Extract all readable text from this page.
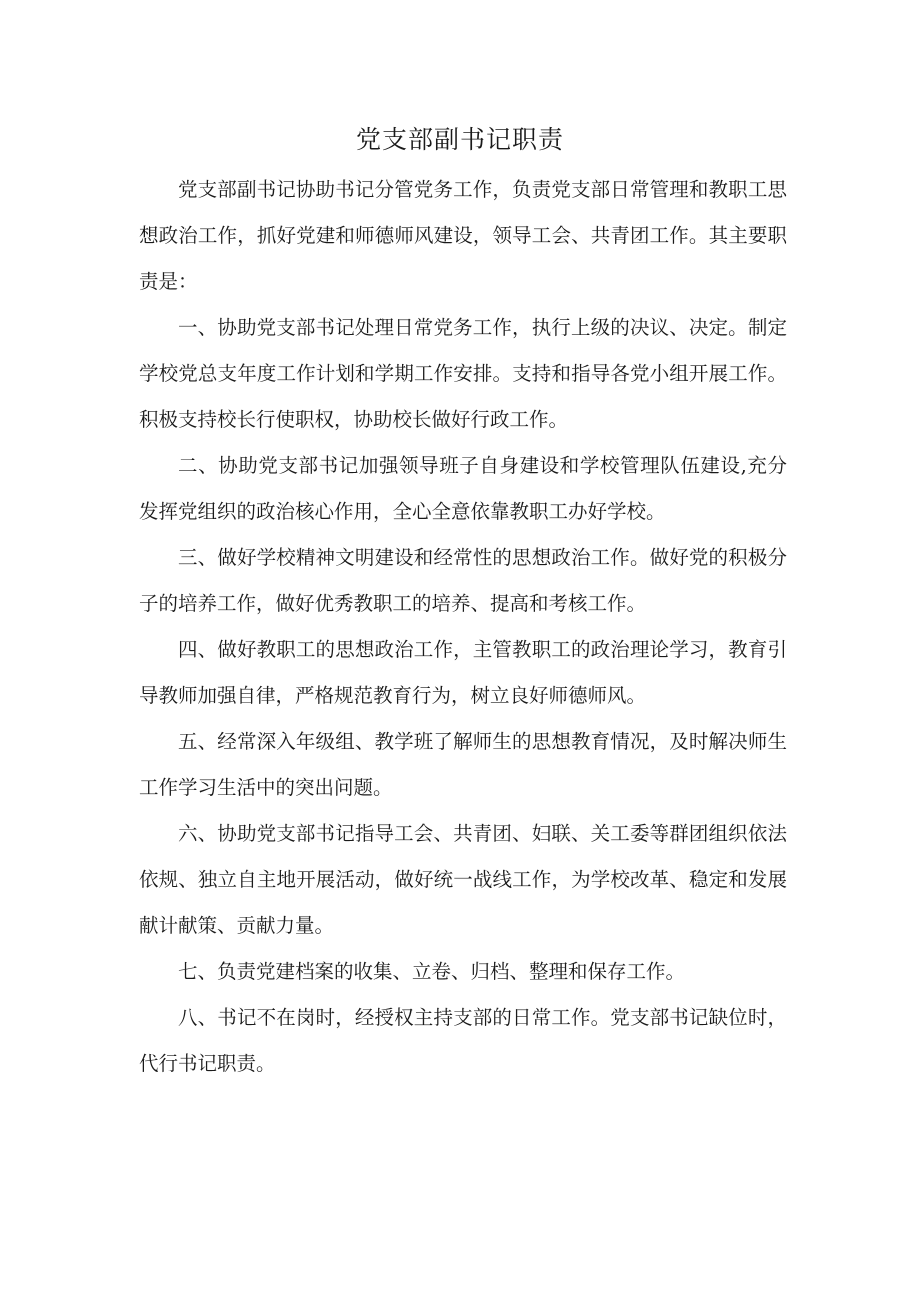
党支部副书记职责

党支部副书记协助书记分管党务工作，负责党支部日常管理和教职工思想政治工作，抓好党建和师德师风建设，领导工会、共青团工作。其主要职责是：

一、协助党支部书记处理日常党务工作，执行上级的决议、决定。制定学校党总支年度工作计划和学期工作安排。支持和指导各党小组开展工作。积极支持校长行使职权，协助校长做好行政工作。

二、协助党支部书记加强领导班子自身建设和学校管理队伍建设,充分发挥党组织的政治核心作用，全心全意依靠教职工办好学校。

三、做好学校精神文明建设和经常性的思想政治工作。做好党的积极分子的培养工作，做好优秀教职工的培养、提高和考核工作。

四、做好教职工的思想政治工作，主管教职工的政治理论学习，教育引导教师加强自律，严格规范教育行为，树立良好师德师风。

五、经常深入年级组、教学班了解师生的思想教育情况，及时解决师生工作学习生活中的突出问题。

六、协助党支部书记指导工会、共青团、妇联、关工委等群团组织依法依规、独立自主地开展活动，做好统一战线工作，为学校改革、稳定和发展献计献策、贡献力量。

七、负责党建档案的收集、立卷、归档、整理和保存工作。

八、书记不在岗时，经授权主持支部的日常工作。党支部书记缺位时，代行书记职责。
